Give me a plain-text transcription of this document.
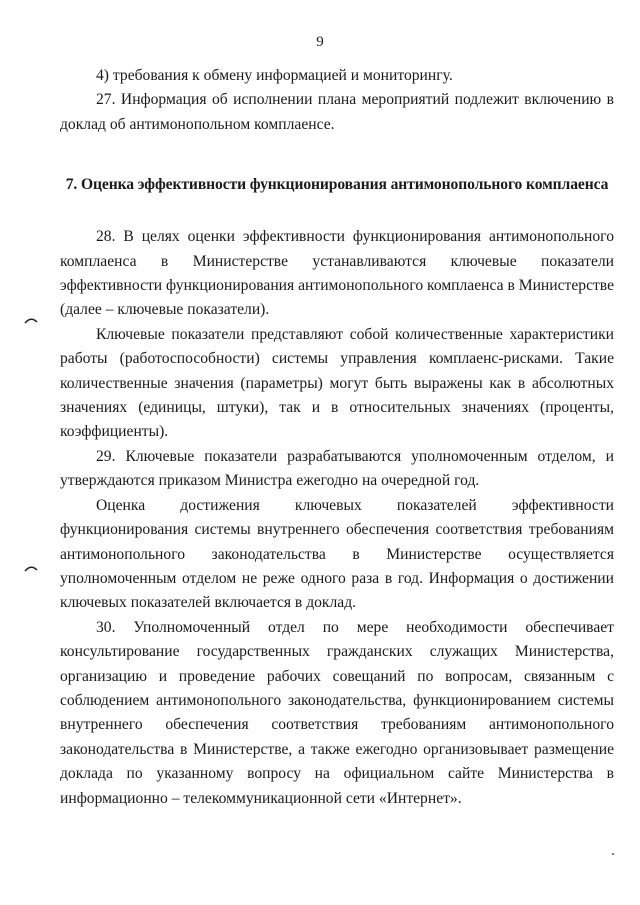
9

4) требования к обмену информацией и мониторингу.

27. Информация об исполнении плана мероприятий подлежит включению в доклад об антимонопольном комплаенсе.

7. Оценка эффективности функционирования антимонопольного комплаенса

28. В целях оценки эффективности функционирования антимонопольного комплаенса в Министерстве устанавливаются ключевые показатели эффективности функционирования антимонопольного комплаенса в Министерстве (далее – ключевые показатели).

Ключевые показатели представляют собой количественные характеристики работы (работоспособности) системы управления комплаенс-рисками. Такие количественные значения (параметры) могут быть выражены как в абсолютных значениях (единицы, штуки), так и в относительных значениях (проценты, коэффициенты).

29. Ключевые показатели разрабатываются уполномоченным отделом, и утверждаются приказом Министра ежегодно на очередной год.

Оценка достижения ключевых показателей эффективности функционирования системы внутреннего обеспечения соответствия требованиям антимонопольного законодательства в Министерстве осуществляется уполномоченным отделом не реже одного раза в год. Информация о достижении ключевых показателей включается в доклад.

30. Уполномоченный отдел по мере необходимости обеспечивает консультирование государственных гражданских служащих Министерства, организацию и проведение рабочих совещаний по вопросам, связанным с соблюдением антимонопольного законодательства, функционированием системы внутреннего обеспечения соответствия требованиям антимонопольного законодательства в Министерстве, а также ежегодно организовывает размещение доклада по указанному вопросу на официальном сайте Министерства в информационно – телекоммуникационной сети «Интернет».
